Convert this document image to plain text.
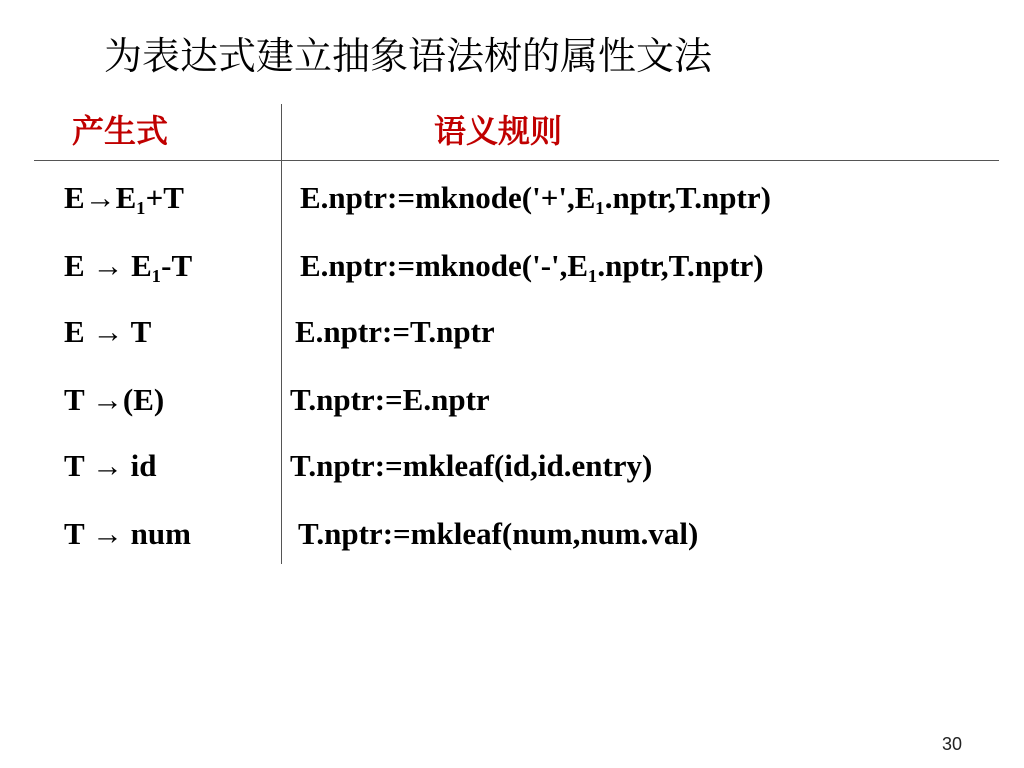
为表达式建立抽象语法树的属性文法
产生式	语义规则
E→E₁+T	E.nptr:=mknode('+',E₁.nptr,T.nptr)
E → E₁-T	E.nptr:=mknode('-',E₁.nptr,T.nptr)
E → T	E.nptr:=T.nptr
T →(E)	T.nptr:=E.nptr
T → id	T.nptr:=mkleaf(id,id.entry)
T → num	T.nptr:=mkleaf(num,num.val)
30
